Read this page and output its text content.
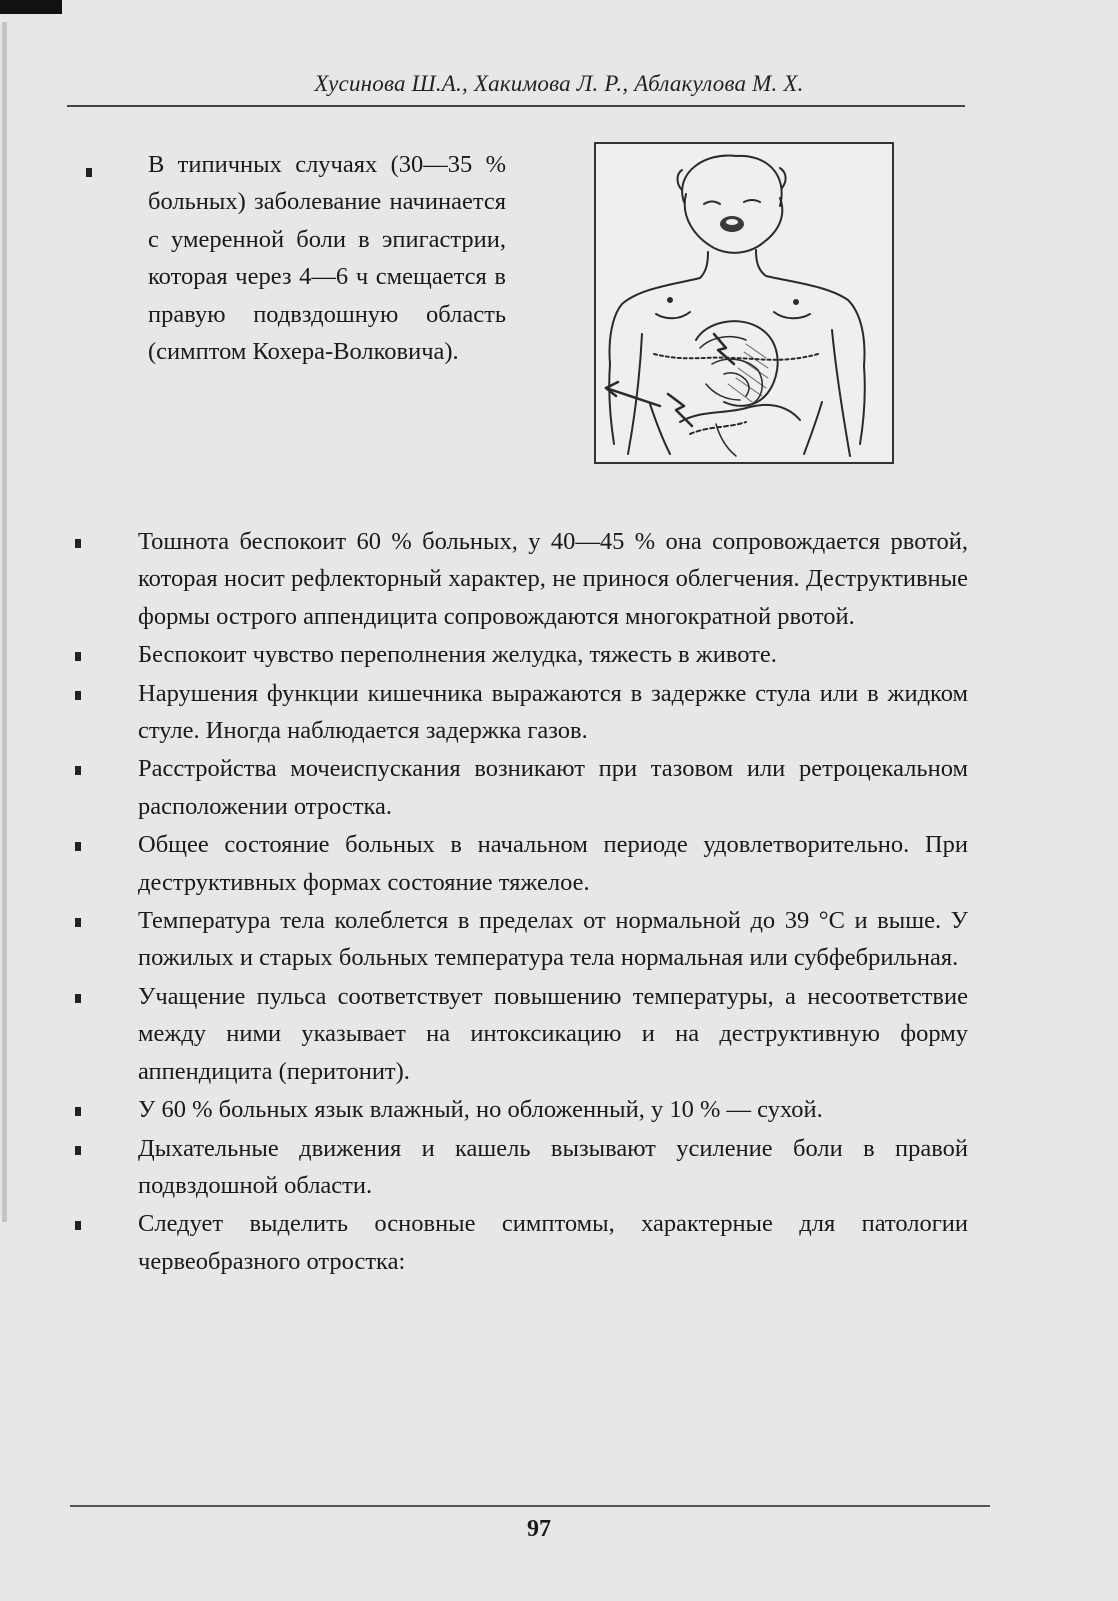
Хусинова Ш.А., Хакимова Л. Р., Аблакулова М. Х.
В типичных случаях (30—35 % больных) заболевание начинается с умеренной боли в эпигастрии, которая через 4—6 ч смещается в правую подвздошную область (симптом Кохера-Волковича).
Тошнота беспокоит 60 % больных, у 40—45 % она сопровождается рвотой, которая носит рефлекторный характер, не принося облегчения. Деструктивные формы острого аппендицита сопровождаются многократной рвотой.
Беспокоит чувство переполнения желудка, тяжесть в животе.
Нарушения функции кишечника выражаются в задержке стула или в жидком стуле. Иногда наблюдается задержка газов.
Расстройства мочеиспускания возникают при тазовом или ретроцекальном расположении отростка.
Общее состояние больных в начальном периоде удовлетворительно. При деструктивных формах состояние тяжелое.
Температура тела колеблется в пределах от нормальной до 39 °C и выше. У пожилых и старых больных температура тела нормальная или субфебрильная.
Учащение пульса соответствует повышению температуры, а несоответствие между ними указывает на интоксикацию и на деструктивную форму аппендицита (перитонит).
У 60 % больных язык влажный, но обложенный, у 10 % — сухой.
Дыхательные движения и кашель вызывают усиление боли в правой подвздошной области.
Следует выделить основные симптомы, характерные для патологии червеобразного отростка:
97
